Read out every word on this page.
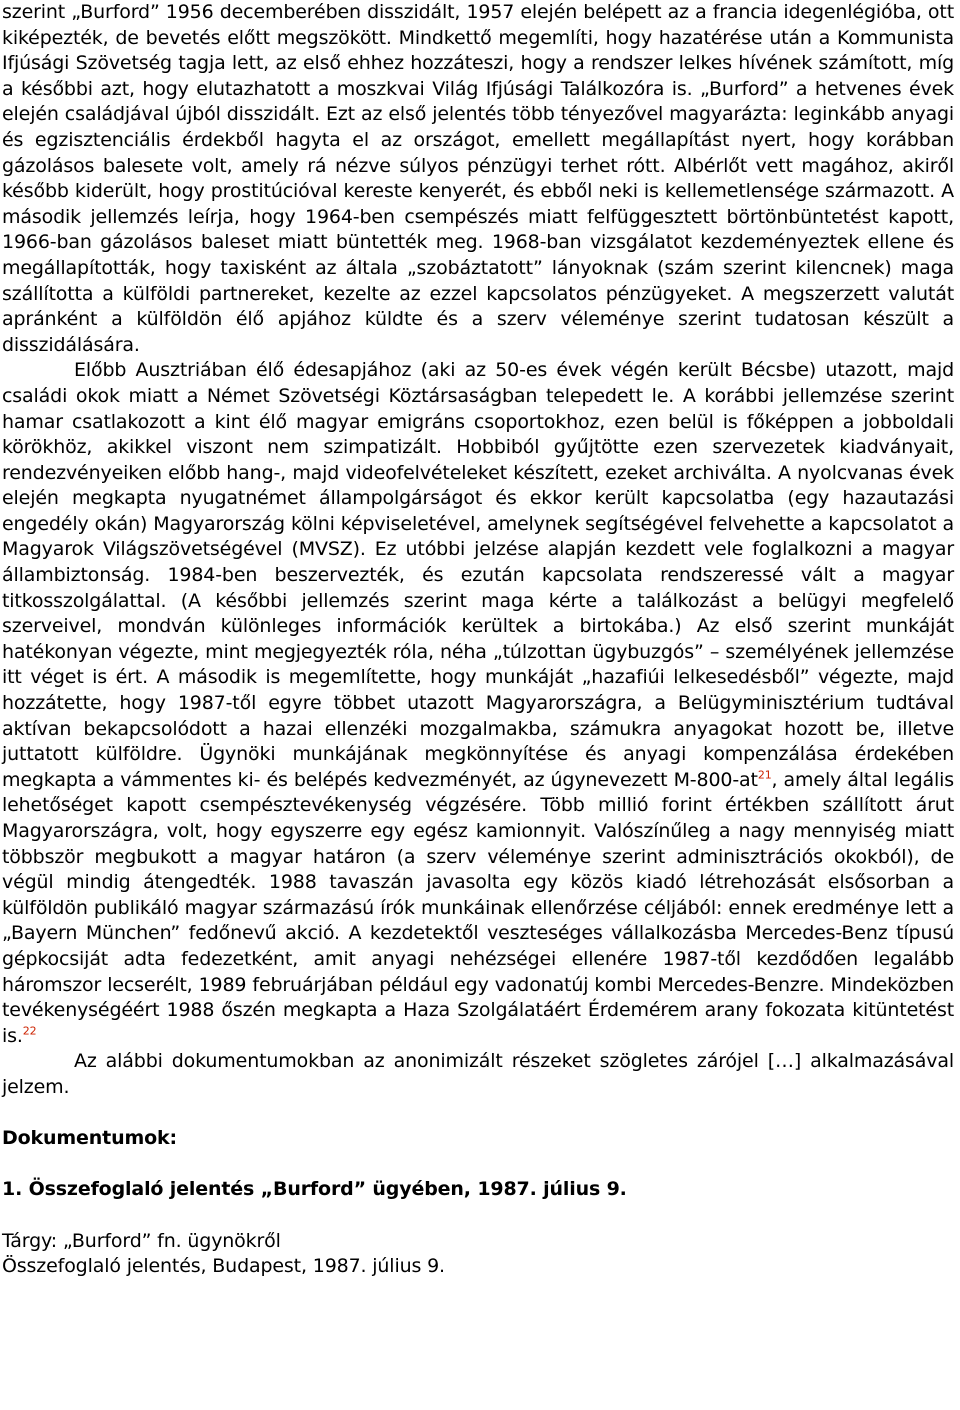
szerint „Burford” 1956 decemberében disszidált, 1957 elején belépett az a francia idegenlégióba, ott kiképezték, de bevetés előtt megszökött. Mindkettő megemlíti, hogy hazatérése után a Kommunista Ifjúsági Szövetség tagja lett, az első ehhez hozzáteszi, hogy a rendszer lelkes hívének számított, míg a későbbi azt, hogy elutazhatott a moszkvai Világ Ifjúsági Találkozóra is. „Burford” a hetvenes évek elején családjával újból disszidált. Ezt az első jelentés több tényezővel magyarázta: leginkább anyagi és egzisztenciális érdekből hagyta el az országot, emellett megállapítást nyert, hogy korábban gázolásos balesete volt, amely rá nézve súlyos pénzügyi terhet rótt. Albérlőt vett magához, akiről később kiderült, hogy prostitúcióval kereste kenyerét, és ebből neki is kellemetlensége származott. A második jellemzés leírja, hogy 1964-ben csempészés miatt felfüggesztett börtönbüntetést kapott, 1966-ban gázolásos baleset miatt büntették meg. 1968-ban vizsgálatot kezdeményeztek ellene és megállapították, hogy taxisként az általa „szobáztatott” lányoknak (szám szerint kilencnek) maga szállította a külföldi partnereket, kezelte az ezzel kapcsolatos pénzügyeket. A megszerzett valutát apránként a külföldön élő apjához küldte és a szerv véleménye szerint tudatosan készült a disszidálására.

Előbb Ausztriában élő édesapjához (aki az 50-es évek végén került Bécsbe) utazott, majd családi okok miatt a Német Szövetségi Köztársaságban telepedett le. A korábbi jellemzése szerint hamar csatlakozott a kint élő magyar emigráns csoportokhoz, ezen belül is főképpen a jobboldali körökhöz, akikkel viszont nem szimpatizált. Hobbiból gyűjtötte ezen szervezetek kiadványait, rendezvényeiken előbb hang-, majd videofelvételeket készített, ezeket archiválta. A nyolcvanas évek elején megkapta nyugatnémet állampolgárságot és ekkor került kapcsolatba (egy hazautazási engedély okán) Magyarország kölni képviseletével, amelynek segítségével felvehette a kapcsolatot a Magyarok Világszövetségével (MVSZ). Ez utóbbi jelzése alapján kezdett vele foglalkozni a magyar állambiztonság. 1984-ben beszervezték, és ezután kapcsolata rendszeressé vált a magyar titkosszolgálattal. (A későbbi jellemzés szerint maga kérte a találkozást a belügyi megfelelő szerveivel, mondván különleges információk kerültek a birtokába.) Az első szerint munkáját hatékonyan végezte, mint megjegyezték róla, néha „túlzottan ügybuzgós” – személyének jellemzése itt véget is ért. A második is megemlítette, hogy munkáját „hazafiúi lelkesedésből” végezte, majd hozzátette, hogy 1987-től egyre többet utazott Magyarországra, a Belügyminisztérium tudtával aktívan bekapcsolódott a hazai ellenzéki mozgalmakba, számukra anyagokat hozott be, illetve juttatott külföldre. Ügynöki munkájának megkönnyítése és anyagi kompenzálása érdekében megkapta a vámmentes ki- és belépés kedvezményét, az úgynevezett M-800-at$^{21}$, amely által legális lehetőséget kapott csempésztevékenység végzésére. Több millió forint értékben szállított árut Magyarországra, volt, hogy egyszerre egy egész kamionnyit. Valószínűleg a nagy mennyiség miatt többször megbukott a magyar határon (a szerv véleménye szerint adminisztrációs okokból), de végül mindig átengedték. 1988 tavaszán javasolta egy közös kiadó létrehozását elsősorban a külföldön publikáló magyar származású írók munkáinak ellenőrzése céljából: ennek eredménye lett a „Bayern München” fedőnevű akció. A kezdetektől veszteséges vállalkozásba Mercedes-Benz típusú gépkocsiját adta fedezetként, amit anyagi nehézségei ellenére 1987-től kezdődően legalább háromszor lecserélt, 1989 februárjában például egy vadonatúj kombi Mercedes-Benzre. Mindeközben tevékenységéért 1988 őszén megkapta a Haza Szolgálatáért Érdemérem arany fokozata kitüntetést is.$^{22}$

Az alábbi dokumentumokban az anonimizált részeket szögletes zárójel […] alkalmazásával jelzem.

Dokumentumok:

1. Összefoglaló jelentés „Burford” ügyében, 1987. július 9.

Tárgy: „Burford” fn. ügynökről

Összefoglaló jelentés, Budapest, 1987. július 9.
